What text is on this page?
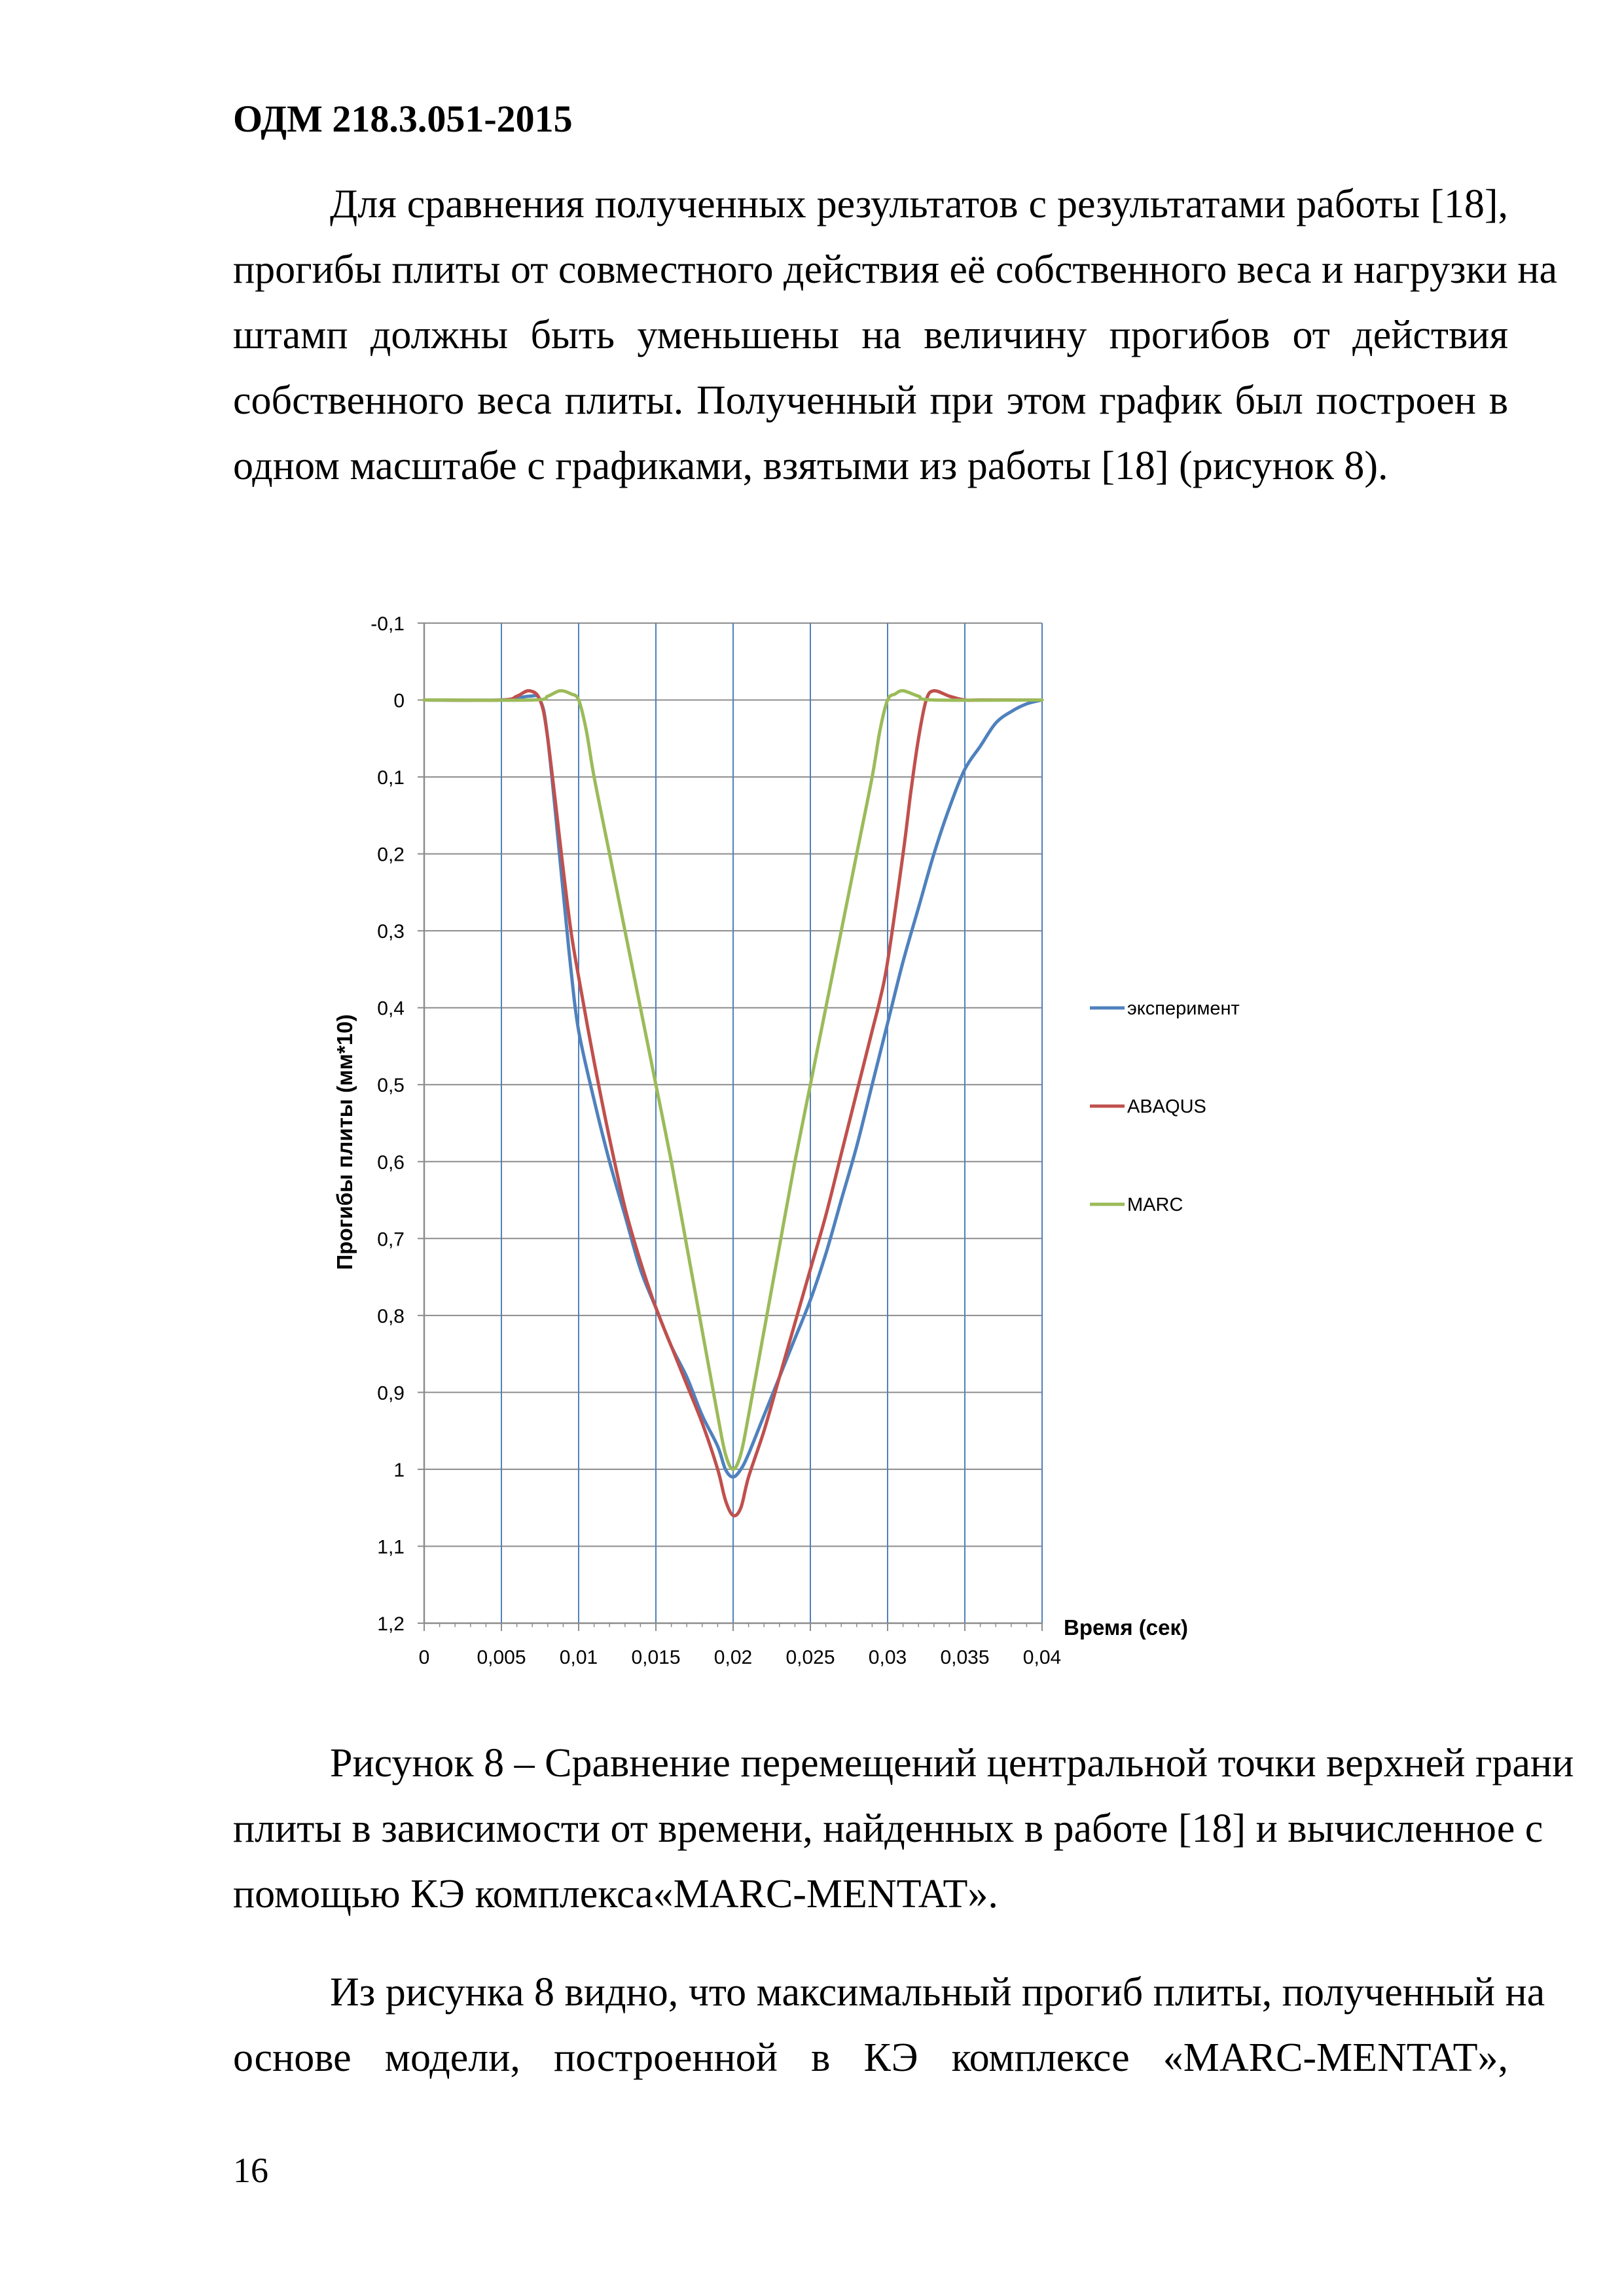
ОДМ 218.3.051-2015
Для сравнения полученных результатов с результатами работы [18],
прогибы плиты от совместного действия её собственного веса и нагрузки на
штамп должны быть уменьшены на величину прогибов от действия
собственного веса плиты. Полученный при этом график был построен в
одном масштабе с графиками, взятыми из работы [18] (рисунок 8).
-0,1
0
0,1
0,2
0,3
0,4
0,5
0,6
0,7
0,8
0,9
1
1,1
1,2
0 0,005 0,01 0,015 0,02 0,025 0,03 0,035 0,04
эксперимент
ABAQUS
MARC
Прогибы плиты (мм*10)
Время (сек)
Рисунок 8 – Сравнение перемещений центральной точки верхней грани
плиты в зависимости от времени, найденных в работе [18] и вычисленное с
помощью КЭ комплекса«MARC-MENTAT».
Из рисунка 8 видно, что максимальный прогиб плиты, полученный на
основе модели, построенной в КЭ комплексе «MARC-MENTAT»,
16
